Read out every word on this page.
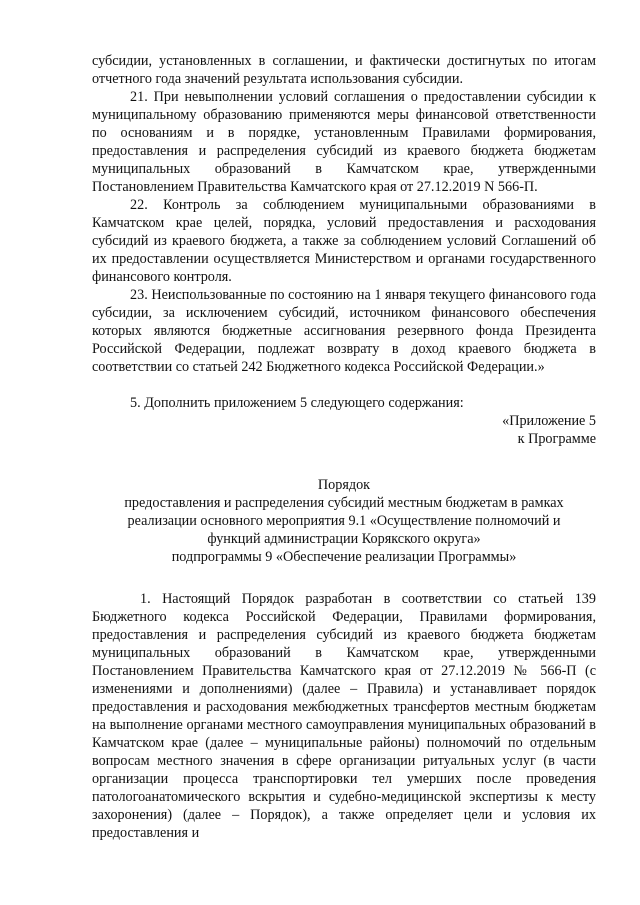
субсидии, установленных в соглашении, и фактически достигнутых по итогам отчетного года значений результата использования субсидии.

21. При невыполнении условий соглашения о предоставлении субсидии к муниципальному образованию применяются меры финансовой ответственности по основаниям и в порядке, установленным Правилами формирования, предоставления и распределения субсидий из краевого бюджета бюджетам муниципальных образований в Камчатском крае, утвержденными Постановлением Правительства Камчатского края от 27.12.2019 N 566-П.

22. Контроль за соблюдением муниципальными образованиями в Камчатском крае целей, порядка, условий предоставления и расходования субсидий из краевого бюджета, а также за соблюдением условий Соглашений об их предоставлении осуществляется Министерством и органами государственного финансового контроля.

23. Неиспользованные по состоянию на 1 января текущего финансового года субсидии, за исключением субсидий, источником финансового обеспечения которых являются бюджетные ассигнования резервного фонда Президента Российской Федерации, подлежат возврату в доход краевого бюджета в соответствии со статьей 242 Бюджетного кодекса Российской Федерации.»

5. Дополнить приложением 5 следующего содержания:

«Приложение 5

к Программе

Порядок

предоставления и распределения субсидий местным бюджетам в рамках

реализации основного мероприятия 9.1 «Осуществление полномочий и

функций администрации Корякского округа»

подпрограммы 9 «Обеспечение реализации Программы»

1. Настоящий Порядок разработан в соответствии со статьей 139 Бюджетного кодекса Российской Федерации, Правилами формирования, предоставления и распределения субсидий из краевого бюджета бюджетам муниципальных образований в Камчатском крае, утвержденными Постановлением Правительства Камчатского края от 27.12.2019 № 566-П (с изменениями и дополнениями) (далее – Правила) и устанавливает порядок предоставления и расходования межбюджетных трансфертов местным бюджетам на выполнение органами местного самоуправления муниципальных образований в Камчатском крае (далее – муниципальные районы) полномочий по отдельным вопросам местного значения в сфере организации ритуальных услуг (в части организации процесса транспортировки тел умерших после проведения патологоанатомического вскрытия и судебно-медицинской экспертизы к месту захоронения) (далее – Порядок), а также определяет цели и условия их предоставления и
